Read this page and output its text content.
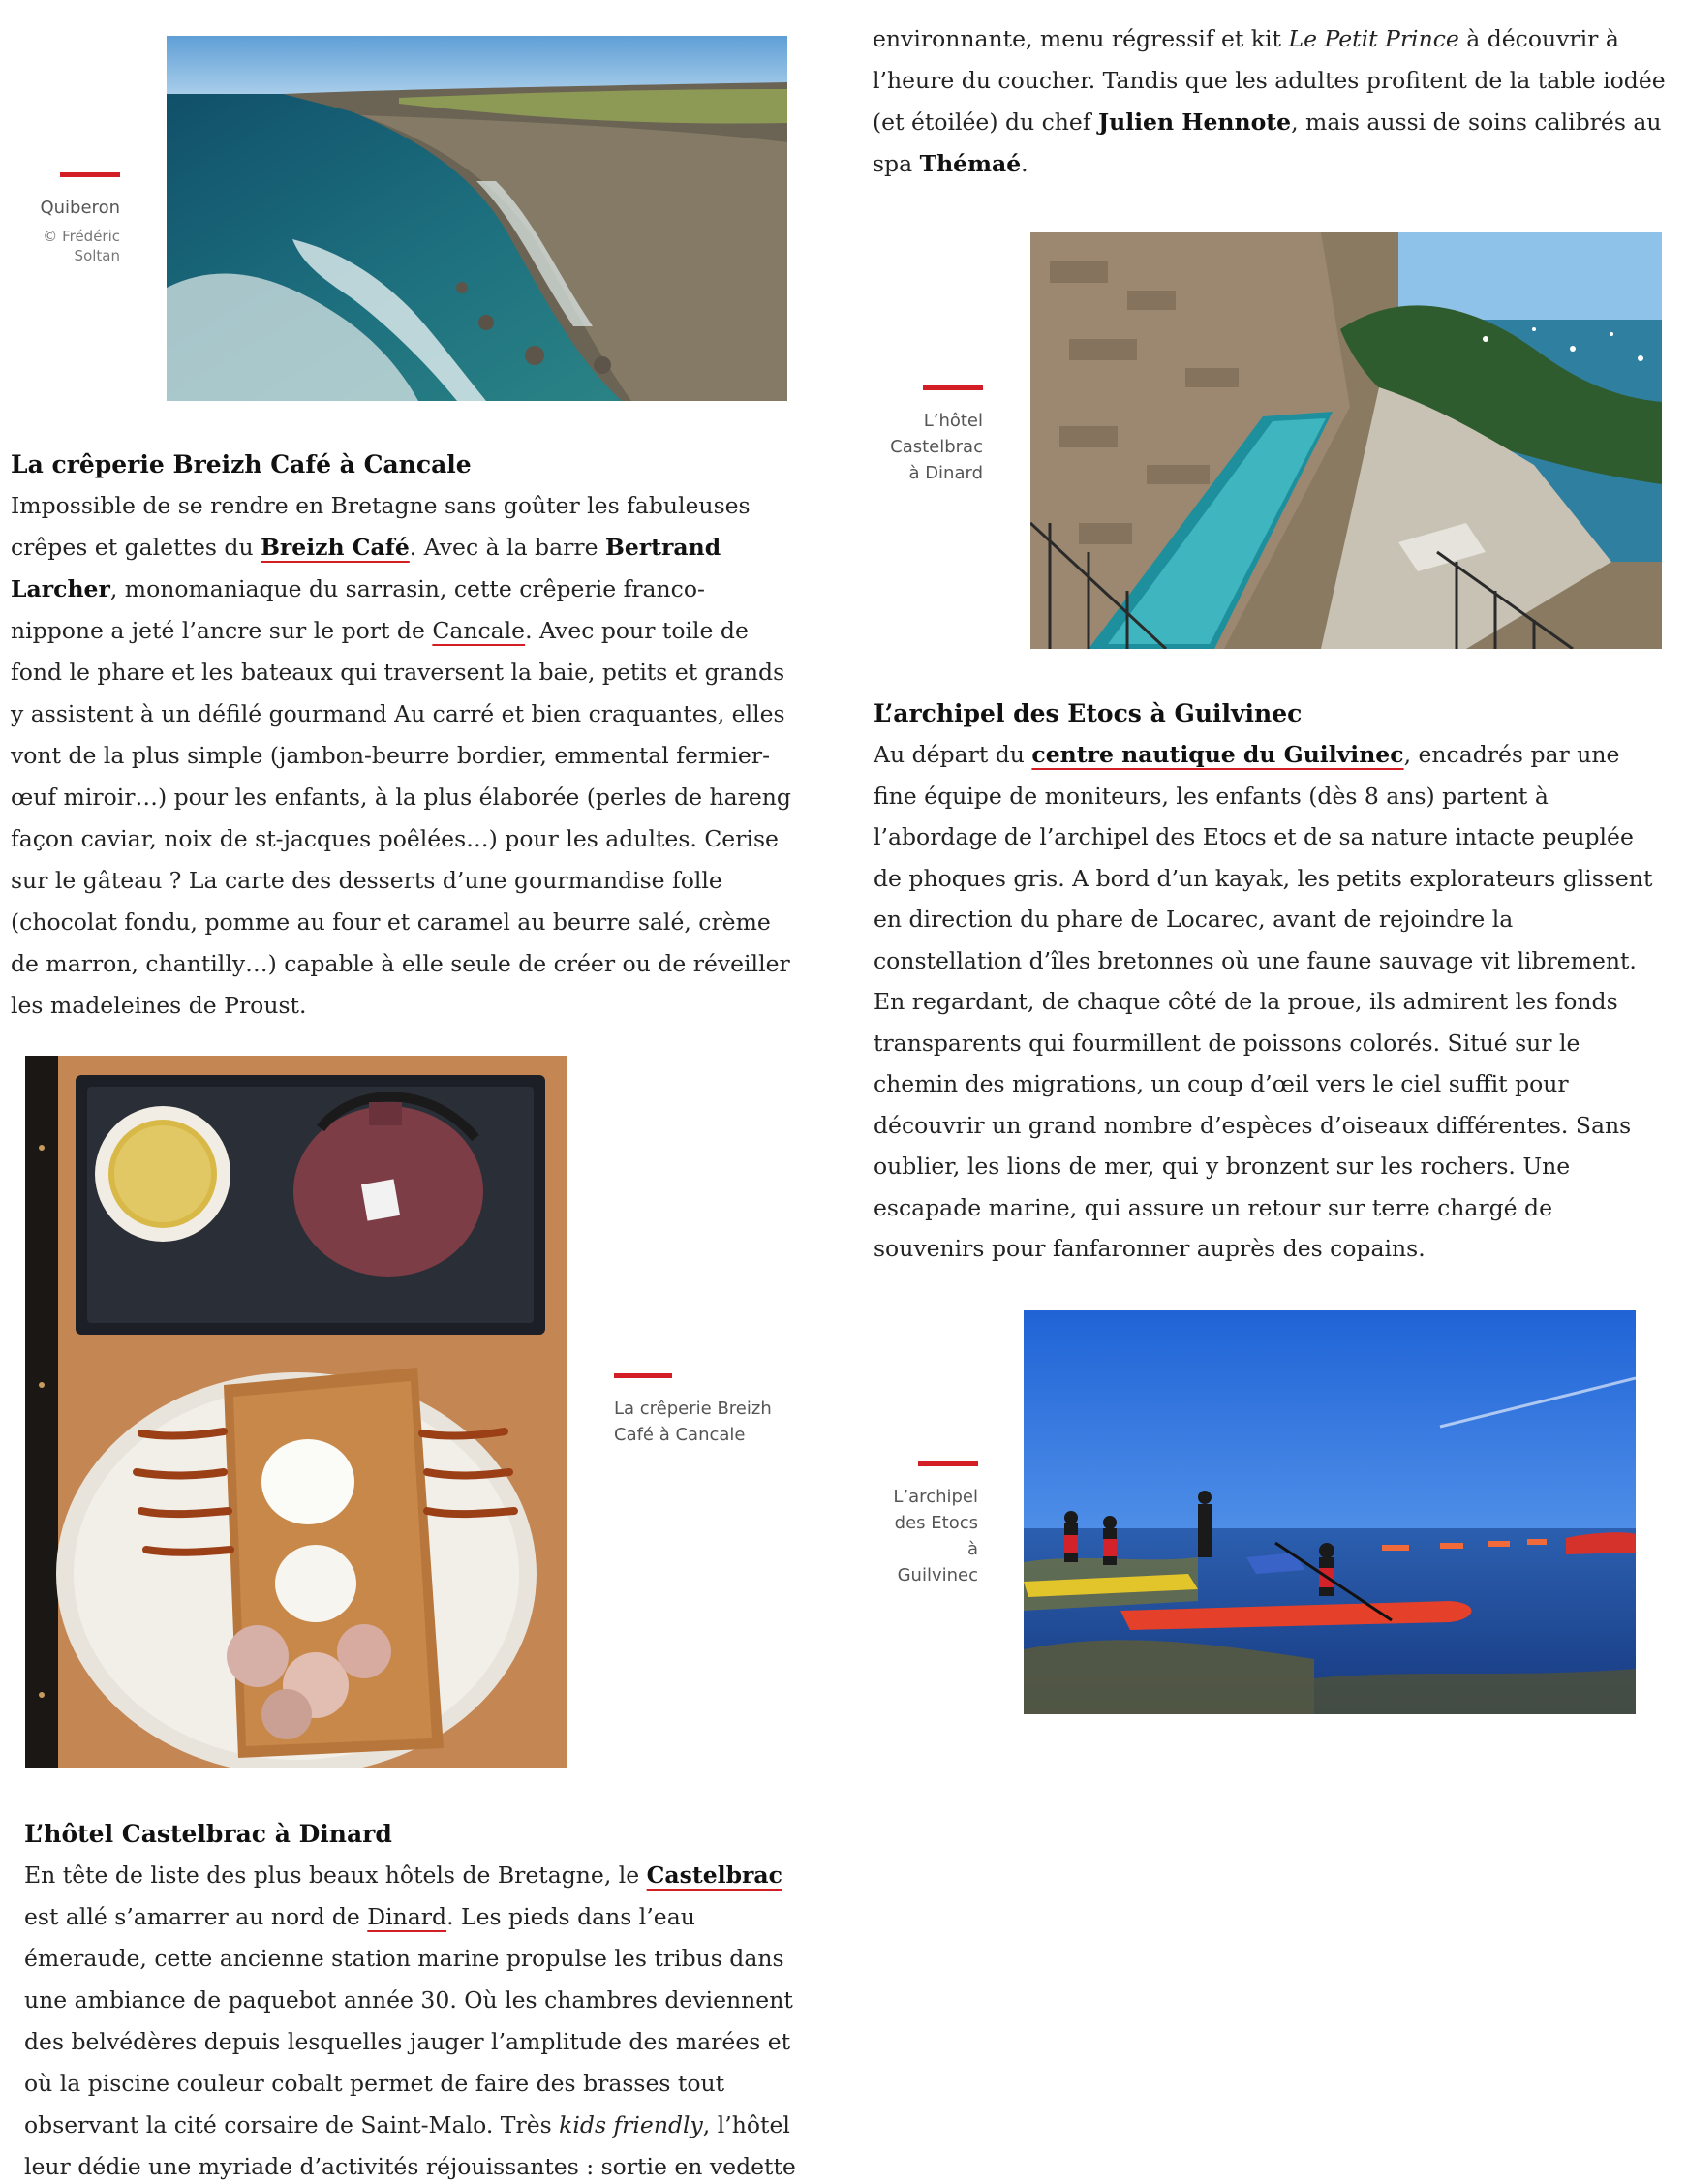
Quiberon
© Frédéric
Soltan
La crêperie Breizh Café à Cancale

Impossible de se rendre en Bretagne sans goûter les fabuleuses crêpes et galettes du Breizh Café. Avec à la barre Bertrand Larcher, monomaniaque du sarrasin, cette crêperie franco-nippone a jeté l’ancre sur le port de Cancale. Avec pour toile de fond le phare et les bateaux qui traversent la baie, petits et grands y assistent à un défilé gourmand Au carré et bien craquantes, elles vont de la plus simple (jambon-beurre bordier, emmental fermier-œuf miroir…) pour les enfants, à la plus élaborée (perles de hareng façon caviar, noix de st-jacques poêlées…) pour les adultes. Cerise sur le gâteau ? La carte des desserts d’une gourmandise folle (chocolat fondu, pomme au four et caramel au beurre salé, crème de marron, chantilly…) capable à elle seule de créer ou de réveiller les madeleines de Proust.

La crêperie Breizh
Café à Cancale
L’hôtel Castelbrac à Dinard

En tête de liste des plus beaux hôtels de Bretagne, le Castelbrac est allé s’amarrer au nord de Dinard. Les pieds dans l’eau émeraude, cette ancienne station marine propulse les tribus dans une ambiance de paquebot année 30. Où les chambres deviennent des belvédères depuis lesquelles jauger l’amplitude des marées et où la piscine couleur cobalt permet de faire des brasses tout observant la cité corsaire de Saint-Malo. Très kids friendly, l’hôtel leur dédie une myriade d’activités réjouissantes : sortie en vedette

environnante, menu régressif et kit Le Petit Prince à découvrir à l’heure du coucher. Tandis que les adultes profitent de la table iodée (et étoilée) du chef Julien Hennote, mais aussi de soins calibrés au spa Thémaé.

L’hôtel
Castelbrac
à Dinard
L’archipel des Etocs à Guilvinec

Au départ du centre nautique du Guilvinec, encadrés par une fine équipe de moniteurs, les enfants (dès 8 ans) partent à l’abordage de l’archipel des Etocs et de sa nature intacte peuplée de phoques gris. A bord d’un kayak, les petits explorateurs glissent en direction du phare de Locarec, avant de rejoindre la constellation d’îles bretonnes où une faune sauvage vit librement. En regardant, de chaque côté de la proue, ils admirent les fonds transparents qui fourmillent de poissons colorés. Situé sur le chemin des migrations, un coup d’œil vers le ciel suffit pour découvrir un grand nombre d’espèces d’oiseaux différentes. Sans oublier, les lions de mer, qui y bronzent sur les rochers. Une escapade marine, qui assure un retour sur terre chargé de souvenirs pour fanfaronner auprès des copains.

L’archipel
des Etocs à
Guilvinec
